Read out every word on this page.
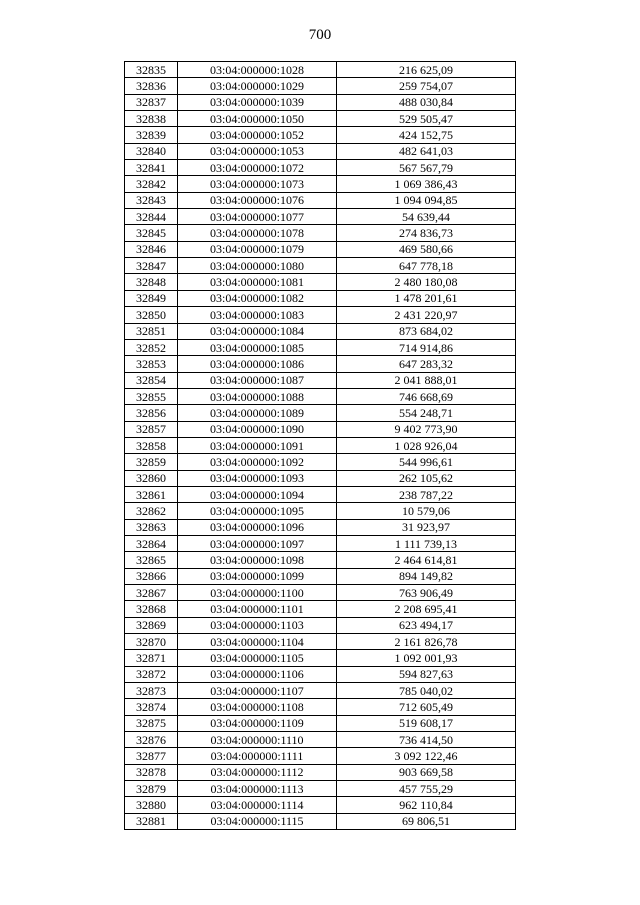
700
32835	03:04:000000:1028	216 625,09
32836	03:04:000000:1029	259 754,07
32837	03:04:000000:1039	488 030,84
32838	03:04:000000:1050	529 505,47
32839	03:04:000000:1052	424 152,75
32840	03:04:000000:1053	482 641,03
32841	03:04:000000:1072	567 567,79
32842	03:04:000000:1073	1 069 386,43
32843	03:04:000000:1076	1 094 094,85
32844	03:04:000000:1077	54 639,44
32845	03:04:000000:1078	274 836,73
32846	03:04:000000:1079	469 580,66
32847	03:04:000000:1080	647 778,18
32848	03:04:000000:1081	2 480 180,08
32849	03:04:000000:1082	1 478 201,61
32850	03:04:000000:1083	2 431 220,97
32851	03:04:000000:1084	873 684,02
32852	03:04:000000:1085	714 914,86
32853	03:04:000000:1086	647 283,32
32854	03:04:000000:1087	2 041 888,01
32855	03:04:000000:1088	746 668,69
32856	03:04:000000:1089	554 248,71
32857	03:04:000000:1090	9 402 773,90
32858	03:04:000000:1091	1 028 926,04
32859	03:04:000000:1092	544 996,61
32860	03:04:000000:1093	262 105,62
32861	03:04:000000:1094	238 787,22
32862	03:04:000000:1095	10 579,06
32863	03:04:000000:1096	31 923,97
32864	03:04:000000:1097	1 111 739,13
32865	03:04:000000:1098	2 464 614,81
32866	03:04:000000:1099	894 149,82
32867	03:04:000000:1100	763 906,49
32868	03:04:000000:1101	2 208 695,41
32869	03:04:000000:1103	623 494,17
32870	03:04:000000:1104	2 161 826,78
32871	03:04:000000:1105	1 092 001,93
32872	03:04:000000:1106	594 827,63
32873	03:04:000000:1107	785 040,02
32874	03:04:000000:1108	712 605,49
32875	03:04:000000:1109	519 608,17
32876	03:04:000000:1110	736 414,50
32877	03:04:000000:1111	3 092 122,46
32878	03:04:000000:1112	903 669,58
32879	03:04:000000:1113	457 755,29
32880	03:04:000000:1114	962 110,84
32881	03:04:000000:1115	69 806,51
